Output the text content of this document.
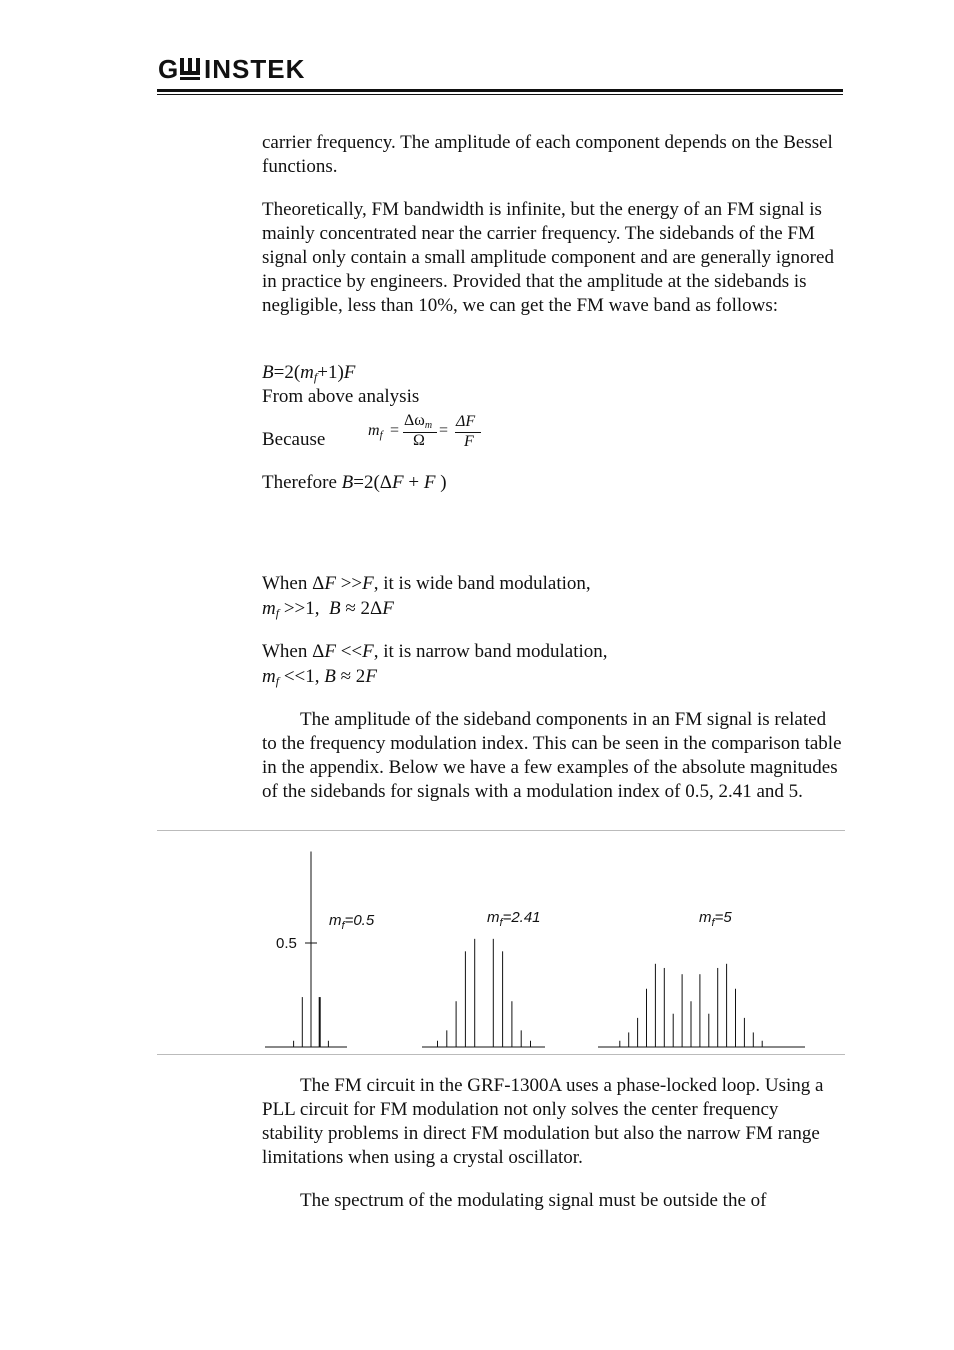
G INSTEK

carrier frequency. The amplitude of each component depends on the Bessel functions.

Theoretically, FM bandwidth is infinite, but the energy of an FM signal is mainly concentrated near the carrier frequency. The sidebands of the FM signal only contain a small amplitude component and are generally ignored in practice by engineers. Provided that the amplitude at the sidebands is negligible, less than 10%, we can get the FM wave band as follows:

$B=2(m_f+1)F$
From above analysis
Because	$m_f$ =
$\Delta\omega_m$
Ω
=
ΔF
F
Therefore B=2(ΔF + F )
When ΔF >>F, it is wide band modulation,
$m_f >>1$, B ≈ 2ΔF
When ΔF <<F, it is narrow band modulation,
$m_f <<1$, B ≈ 2F

The amplitude of the sideband components in an FM signal is related to the frequency modulation index. This can be seen in the comparison table in the appendix. Below we have a few examples of the absolute magnitudes of the sidebands for signals with a modulation index of 0.5, 2.41 and 5.

0.5
$m_f=0.5$	$m_f=2.41$	$m_f=5$

The FM circuit in the GRF-1300A uses a phase-locked loop. Using a PLL circuit for FM modulation not only solves the center frequency stability problems in direct FM modulation but also the narrow FM range limitations when using a crystal oscillator.

The spectrum of the modulating signal must be outside the of
